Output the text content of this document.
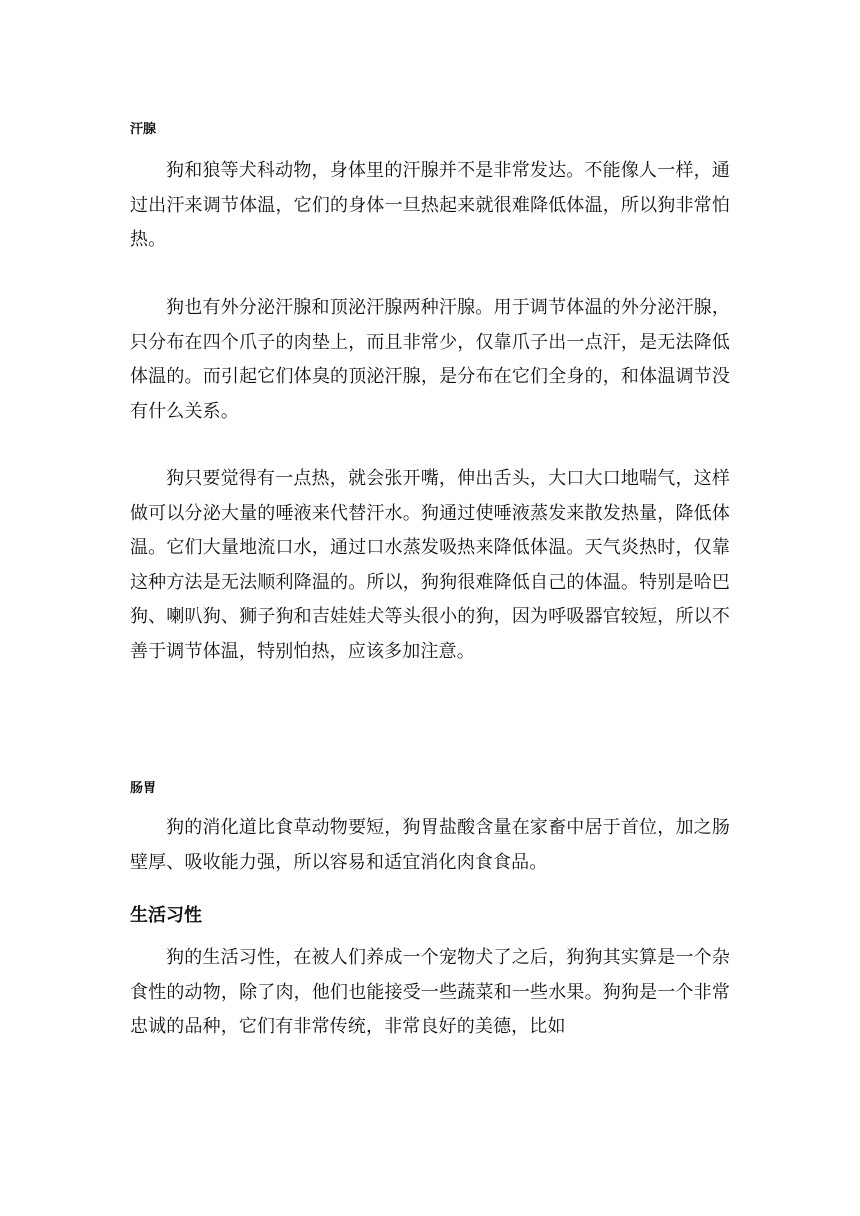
汗腺

狗和狼等犬科动物，身体里的汗腺并不是非常发达。不能像人一样，通过出汗来调节体温，它们的身体一旦热起来就很难降低体温，所以狗非常怕热。

狗也有外分泌汗腺和顶泌汗腺两种汗腺。用于调节体温的外分泌汗腺，只分布在四个爪子的肉垫上，而且非常少，仅靠爪子出一点汗，是无法降低体温的。而引起它们体臭的顶泌汗腺，是分布在它们全身的，和体温调节没有什么关系。

狗只要觉得有一点热，就会张开嘴，伸出舌头，大口大口地喘气，这样做可以分泌大量的唾液来代替汗水。狗通过使唾液蒸发来散发热量，降低体温。它们大量地流口水，通过口水蒸发吸热来降低体温。天气炎热时，仅靠这种方法是无法顺利降温的。所以，狗狗很难降低自己的体温。特别是哈巴狗、喇叭狗、狮子狗和吉娃娃犬等头很小的狗，因为呼吸器官较短，所以不善于调节体温，特别怕热，应该多加注意。

肠胃

狗的消化道比食草动物要短，狗胃盐酸含量在家畜中居于首位，加之肠壁厚、吸收能力强，所以容易和适宜消化肉食食品。

生活习性

狗的生活习性，在被人们养成一个宠物犬了之后，狗狗其实算是一个杂食性的动物，除了肉，他们也能接受一些蔬菜和一些水果。狗狗是一个非常忠诚的品种，它们有非常传统，非常良好的美德，比如
